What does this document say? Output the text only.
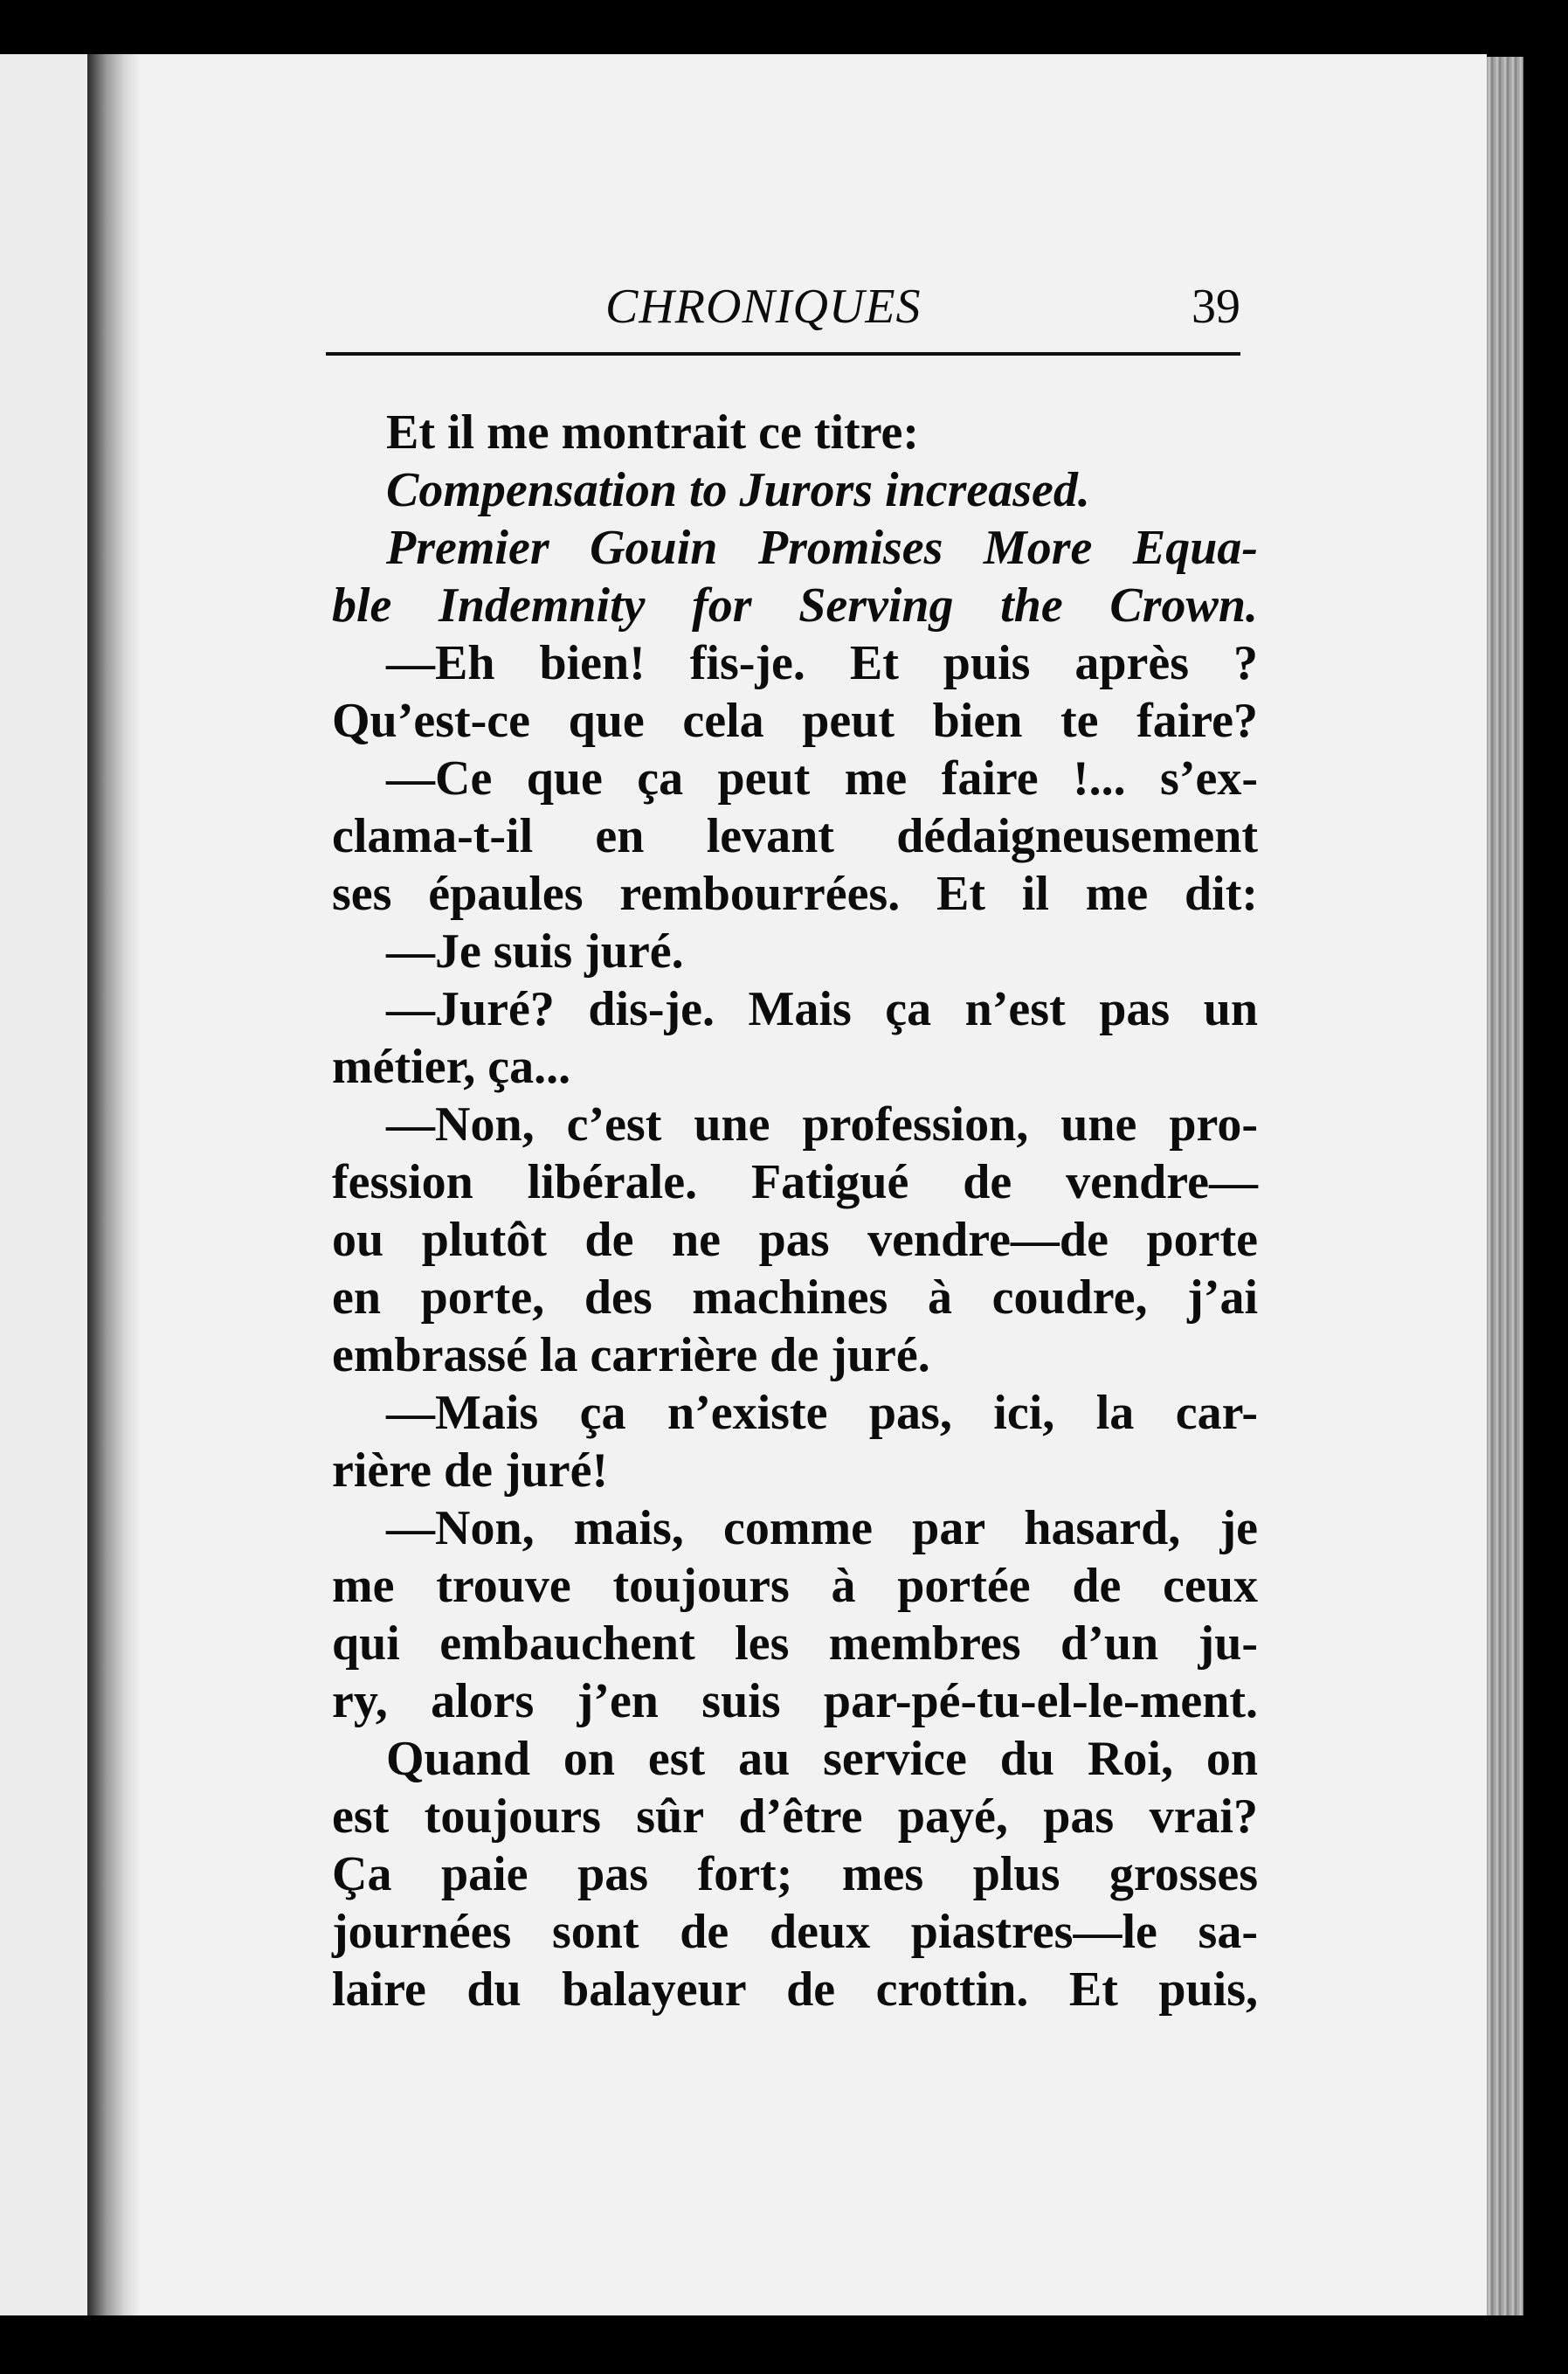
CHRONIQUES	39
Et il me montrait ce titre:
Compensation to Jurors increased.
Premier Gouin Promises More Equa-
ble Indemnity for Serving the Crown.
—Eh bien! fis-je. Et puis après ?
Qu’est-ce que cela peut bien te faire?
—Ce que ça peut me faire !... s’ex-
clama-t-il en levant dédaigneusement
ses épaules rembourrées. Et il me dit:
—Je suis juré.
—Juré? dis-je. Mais ça n’est pas un
métier, ça...
—Non, c’est une profession, une pro-
fession libérale. Fatigué de vendre—
ou plutôt de ne pas vendre—de porte
en porte, des machines à coudre, j’ai
embrassé la carrière de juré.
—Mais ça n’existe pas, ici, la car-
rière de juré!
—Non, mais, comme par hasard, je
me trouve toujours à portée de ceux
qui embauchent les membres d’un ju-
ry, alors j’en suis par-pé-tu-el-le-ment.
Quand on est au service du Roi, on
est toujours sûr d’être payé, pas vrai?
Ça paie pas fort; mes plus grosses
journées sont de deux piastres—le sa-
laire du balayeur de crottin. Et puis,
